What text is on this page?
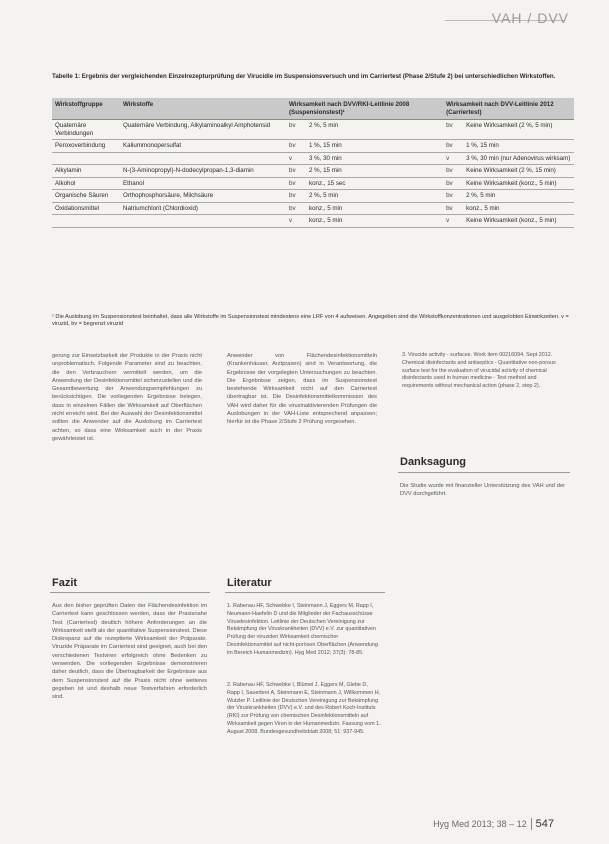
VAH / DVV
Tabelle 1: Ergebnis der vergleichenden Einzelrezepturprüfung der Virucidie im Suspensionsversuch und im Carriertest (Phase 2/Stufe 2) bei unterschiedlichen Wirkstoffen.
Wirkstoffgruppe	Wirkstoffe	Wirksamkeit nach DVV/RKI-Leitlinie 2008 (Suspensionstest)¹		Wirksamkeit nach DVV-Leitlinie 2012 (Carriertest)	
Quaternäre Verbindungen	Quaternäre Verbindung, Alkylaminoalkyl Amphotensid	bv	2 %, 5 min	bv	Keine Wirksamkeit (2 %, 5 min)
Peroxoverbindung	Kaliummonopersulfat	bv	1 %, 15 min	bv	1 %, 15 min
		v	3 %, 30 min	v	3 %, 30 min (nur Adenovirus wirksam)
Alkylamin	N-(3-Aminopropyl)-N-dodecylpropan-1,3-diamin	bv	2 %, 15 min	bv	Keine Wirksamkeit (2 %, 15 min)
Alkohol	Ethanol	bv	konz., 15 sec	bv	Keine Wirksamkeit (konz., 5 min)
Organische Säuren	Orthophosphorsäure, Milchsäure	bv	2 %, 5 min	bv	2 %, 5 min
Oxidationsmittel	Natriumchlorit (Chlordioxid)	bv	konz., 5 min	bv	konz., 5 min
		v	konz., 5 min	v	Keine Wirksamkeit (konz., 5 min)
¹ Die Auslobung im Suspensionstest beinhaltet, dass alle Wirkstoffe im Suspensionstest mindestens eine LRF von 4 aufweisen. Angegeben sind die Wirkstoffkonzentrationen und ausgelobten Einwirkzeiten. v = viruzid, bv = begrenzt viruzid
gerung zur Einsetzbarkeit der Produkte in der Praxis nicht unproblematisch. Folgende Parameter sind zu beachten, die den Verbrauchern vermittelt werden, um die Anwendung der Desinfektionsmittel sicherzustellen und die Gesamtbewertung der Anwendungsempfehlungen zu berücksichtigen. Die vorliegenden Ergebnisse belegen, dass in einzelnen Fällen die Wirksamkeit auf Oberflächen nicht erreicht wird. Bei der Auswahl der Desinfektionsmittel sollten die Anwender auf die Auslobung im Carriertest achten, so dass eine Wirksamkeit auch in der Praxis gewährleistet ist.
Anwender von Flächendesinfektionsmitteln (Krankenhäuser, Arztpraxen) sind in Verantwortung, die Ergebnisse der vorgelegten Untersuchungen zu beachten. Die Ergebnisse zeigen, dass im Suspensionstest bestehende Wirksamkeit nicht auf den Carriertest übertragbar ist. Die Desinfektionsmittelkommission des VAH wird daher für die virusinaktivierenden Prüfungen die Auslobungen in der VAH-Liste entsprechend anpassen; hierfür ist die Phase 2/Stufe 2 Prüfung vorgesehen.
3. Virucide activity - surfaces. Work item 00216094. Sept 2012. Chemical disinfectants and antiseptics - Quantitative non-porous surface test for the evaluation of virucidal activity of chemical disinfectants used in human medicine - Test method and requirements without mechanical action (phase 2, step 2).
Danksagung
Die Studie wurde mit finanzieller Unterstützung des VAH und der DVV durchgeführt.
Fazit
Aus den bisher geprüften Daten der Flächendesinfektion im Carriertest kann geschlossen werden, dass der Praxisnahe Test (Carriertest) deutlich höhere Anforderungen an die Wirksamkeit stellt als der quantitative Suspensionstest. Diese Diskrepanz auf die rezeptierte Wirksamkeit der Präparate. Viruzide Präparate im Carriertest sind geeignet, auch bei den verschiedenen Testviren erfolgreich ohne Bedenken zu verwenden. Die vorliegenden Ergebnisse demonstrieren daher deutlich, dass die Übertragbarkeit der Ergebnisse aus dem Suspensionstest auf die Praxis nicht ohne weiteres gegeben ist und deshalb neue Testverfahren erforderlich sind.
Literatur
1. Rabenau HF, Schwebke I, Steinmann J, Eggers M, Rapp I, Neumann-Haefelin D und die Mitglieder der Fachausschüsse Virusdesinfektion. Leitlinie der Deutschen Vereinigung zur Bekämpfung der Viruskrankheiten (DVV) e.V. zur quantitativen Prüfung der viruziden Wirksamkeit chemischer Desinfektionsmittel auf nicht-porösen Oberflächen (Anwendung im Bereich Humanmedizin). Hyg Med 2012; 37(3): 78-85.
2. Rabenau HF, Schwebke I, Blümel J, Eggers M, Glebe D, Rapp I, Sauerbrei A, Steinmann E, Steinmann J, Willkommen H, Wutzler P. Leitlinie der Deutschen Vereinigung zur Bekämpfung der Viruskrankheiten (DVV) e.V. und des Robert Koch-Instituts (RKI) zur Prüfung von chemischen Desinfektionsmitteln auf Wirksamkeit gegen Viren in der Humanmedizin. Fassung vom 1. August 2008. Bundesgesundheitsblatt 2008; 51: 937-945.
Hyg Med 2013; 38 – 12 547
